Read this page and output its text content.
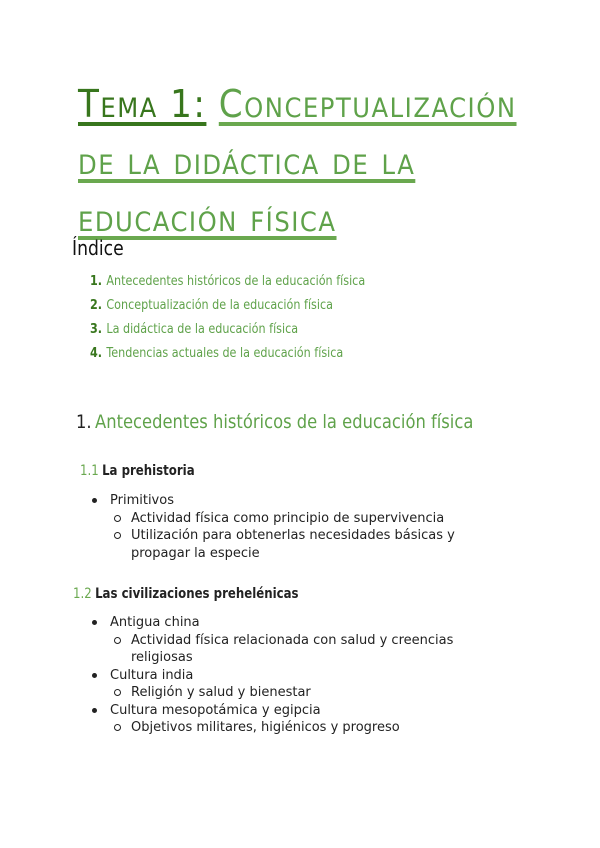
Tema 1: Conceptualización de la didáctica de la educación física
Índice
1. Antecedentes históricos de la educación física
2. Conceptualización de la educación física
3. La didáctica de la educación física
4. Tendencias actuales de la educación física
1. Antecedentes históricos de la educación física
1.1 La prehistoria
Primitivos
Actividad física como principio de supervivencia
Utilización para obtenerlas necesidades básicas y propagar la especie
1.2 Las civilizaciones prehelénicas
Antigua china
Actividad física relacionada con salud y creencias religiosas
Cultura india
Religión y salud y bienestar
Cultura mesopotámica y egipcia
Objetivos militares, higiénicos y progreso
